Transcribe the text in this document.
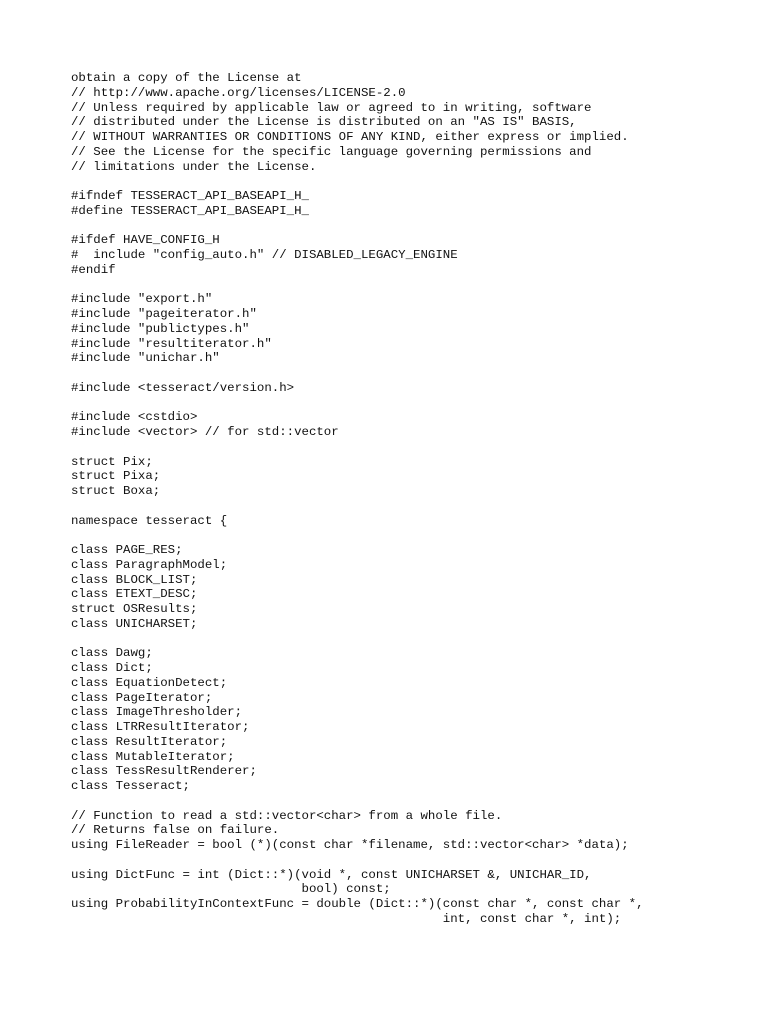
obtain a copy of the License at
// http://www.apache.org/licenses/LICENSE-2.0
// Unless required by applicable law or agreed to in writing, software
// distributed under the License is distributed on an "AS IS" BASIS,
// WITHOUT WARRANTIES OR CONDITIONS OF ANY KIND, either express or implied.
// See the License for the specific language governing permissions and
// limitations under the License.
#ifndef TESSERACT_API_BASEAPI_H_
#define TESSERACT_API_BASEAPI_H_
#ifdef HAVE_CONFIG_H
#  include "config_auto.h" // DISABLED_LEGACY_ENGINE
#endif
#include "export.h"
#include "pageiterator.h"
#include "publictypes.h"
#include "resultiterator.h"
#include "unichar.h"
#include <tesseract/version.h>
#include <cstdio>
#include <vector> // for std::vector
struct Pix;
struct Pixa;
struct Boxa;
namespace tesseract {
class PAGE_RES;
class ParagraphModel;
class BLOCK_LIST;
class ETEXT_DESC;
struct OSResults;
class UNICHARSET;
class Dawg;
class Dict;
class EquationDetect;
class PageIterator;
class ImageThresholder;
class LTRResultIterator;
class ResultIterator;
class MutableIterator;
class TessResultRenderer;
class Tesseract;
// Function to read a std::vector<char> from a whole file.
// Returns false on failure.
using FileReader = bool (*)(const char *filename, std::vector<char> *data);
using DictFunc = int (Dict::*)(void *, const UNICHARSET &, UNICHAR_ID,
bool) const;
using ProbabilityInContextFunc = double (Dict::*)(const char *, const char *,
int, const char *, int);
